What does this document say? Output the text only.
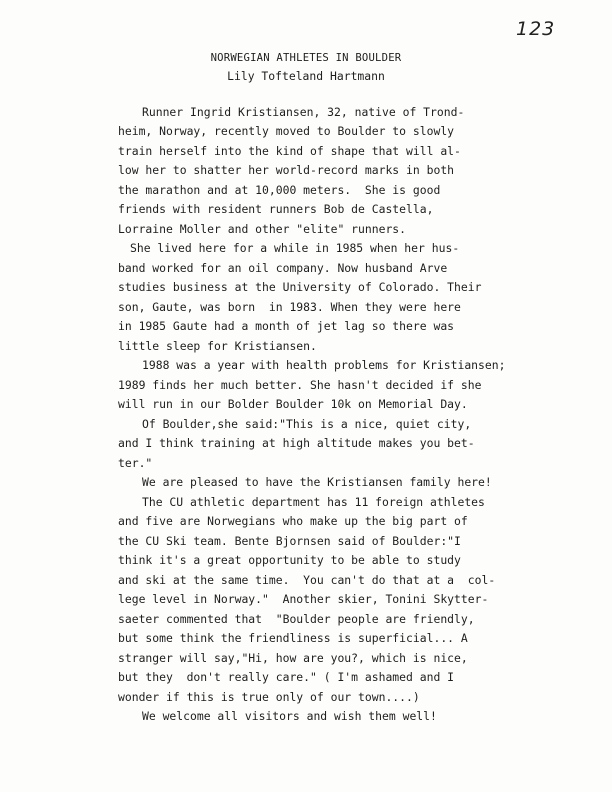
123
NORWEGIAN ATHLETES IN BOULDER
Lily Tofteland Hartmann
Runner Ingrid Kristiansen, 32, native of Trond-
heim, Norway, recently moved to Boulder to slowly
train herself into the kind of shape that will al-
low her to shatter her world-record marks in both
the marathon and at 10,000 meters.  She is good
friends with resident runners Bob de Castella,
Lorraine Moller and other "elite" runners.
She lived here for a while in 1985 when her hus-
band worked for an oil company. Now husband Arve
studies business at the University of Colorado. Their
son, Gaute, was born  in 1983. When they were here
in 1985 Gaute had a month of jet lag so there was
little sleep for Kristiansen.
1988 was a year with health problems for Kristiansen;
1989 finds her much better. She hasn't decided if she
will run in our Bolder Boulder 10k on Memorial Day.
Of Boulder,she said:"This is a nice, quiet city,
and I think training at high altitude makes you bet-
ter."
We are pleased to have the Kristiansen family here!
The CU athletic department has 11 foreign athletes
and five are Norwegians who make up the big part of
the CU Ski team. Bente Bjornsen said of Boulder:"I
think it's a great opportunity to be able to study
and ski at the same time.  You can't do that at a  col-
lege level in Norway."  Another skier, Tonini Skytter-
saeter commented that  "Boulder people are friendly,
but some think the friendliness is superficial... A
stranger will say,"Hi, how are you?, which is nice,
but they  don't really care." ( I'm ashamed and I
wonder if this is true only of our town....)
We welcome all visitors and wish them well!
